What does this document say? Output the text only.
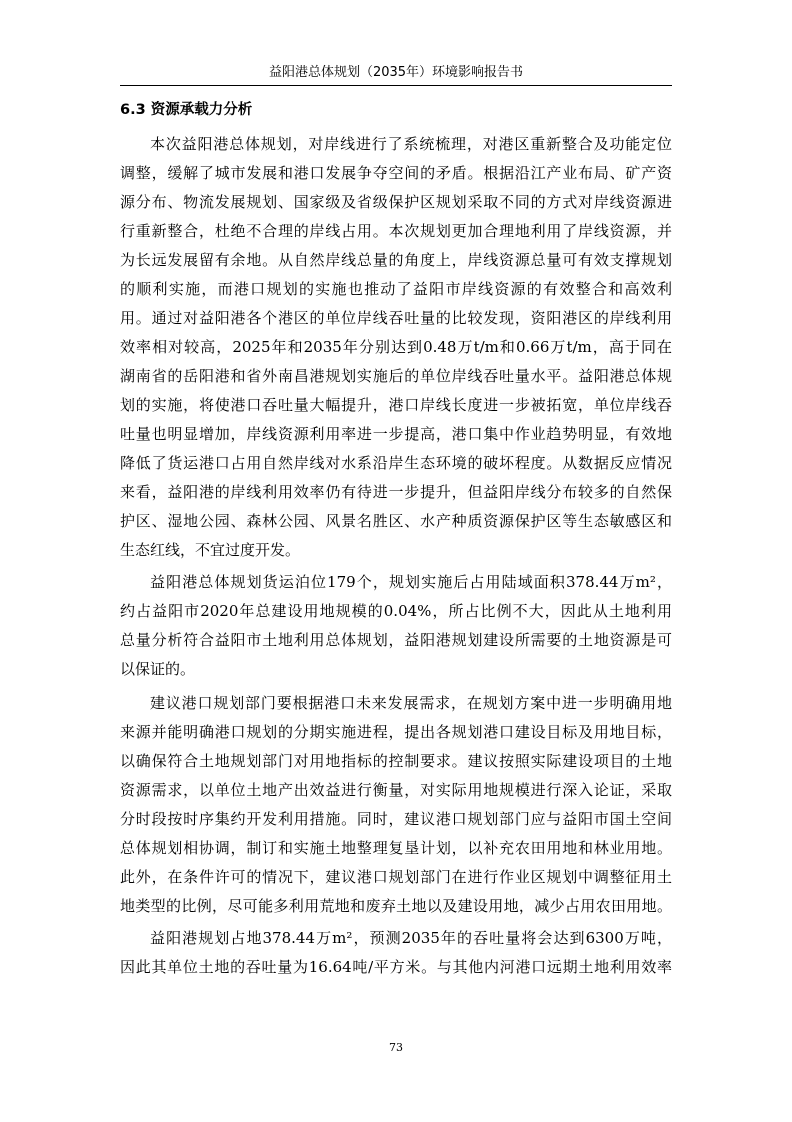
益阳港总体规划（2035年）环境影响报告书
6.3 资源承载力分析
本次益阳港总体规划，对岸线进行了系统梳理，对港区重新整合及功能定位
调整，缓解了城市发展和港口发展争夺空间的矛盾。根据沿江产业布局、矿产资
源分布、物流发展规划、国家级及省级保护区规划采取不同的方式对岸线资源进
行重新整合，杜绝不合理的岸线占用。本次规划更加合理地利用了岸线资源，并
为长远发展留有余地。从自然岸线总量的角度上，岸线资源总量可有效支撑规划
的顺利实施，而港口规划的实施也推动了益阳市岸线资源的有效整合和高效利
用。通过对益阳港各个港区的单位岸线吞吐量的比较发现，资阳港区的岸线利用
效率相对较高，2025年和2035年分别达到0.48万t/m和0.66万t/m，高于同在
湖南省的岳阳港和省外南昌港规划实施后的单位岸线吞吐量水平。益阳港总体规
划的实施，将使港口吞吐量大幅提升，港口岸线长度进一步被拓宽，单位岸线吞
吐量也明显增加，岸线资源利用率进一步提高，港口集中作业趋势明显，有效地
降低了货运港口占用自然岸线对水系沿岸生态环境的破坏程度。从数据反应情况
来看，益阳港的岸线利用效率仍有待进一步提升，但益阳岸线分布较多的自然保
护区、湿地公园、森林公园、风景名胜区、水产种质资源保护区等生态敏感区和
生态红线，不宜过度开发。
益阳港总体规划货运泊位179个，规划实施后占用陆域面积378.44万m²，
约占益阳市2020年总建设用地规模的0.04%，所占比例不大，因此从土地利用
总量分析符合益阳市土地利用总体规划，益阳港规划建设所需要的土地资源是可
以保证的。
建议港口规划部门要根据港口未来发展需求，在规划方案中进一步明确用地
来源并能明确港口规划的分期实施进程，提出各规划港口建设目标及用地目标，
以确保符合土地规划部门对用地指标的控制要求。建议按照实际建设项目的土地
资源需求，以单位土地产出效益进行衡量，对实际用地规模进行深入论证，采取
分时段按时序集约开发利用措施。同时，建议港口规划部门应与益阳市国土空间
总体规划相协调，制订和实施土地整理复垦计划，以补充农田用地和林业用地。
此外，在条件许可的情况下，建议港口规划部门在进行作业区规划中调整征用土
地类型的比例，尽可能多利用荒地和废弃土地以及建设用地，减少占用农田用地。
益阳港规划占地378.44万m²，预测2035年的吞吐量将会达到6300万吨，
因此其单位土地的吞吐量为16.64吨/平方米。与其他内河港口远期土地利用效率
73
